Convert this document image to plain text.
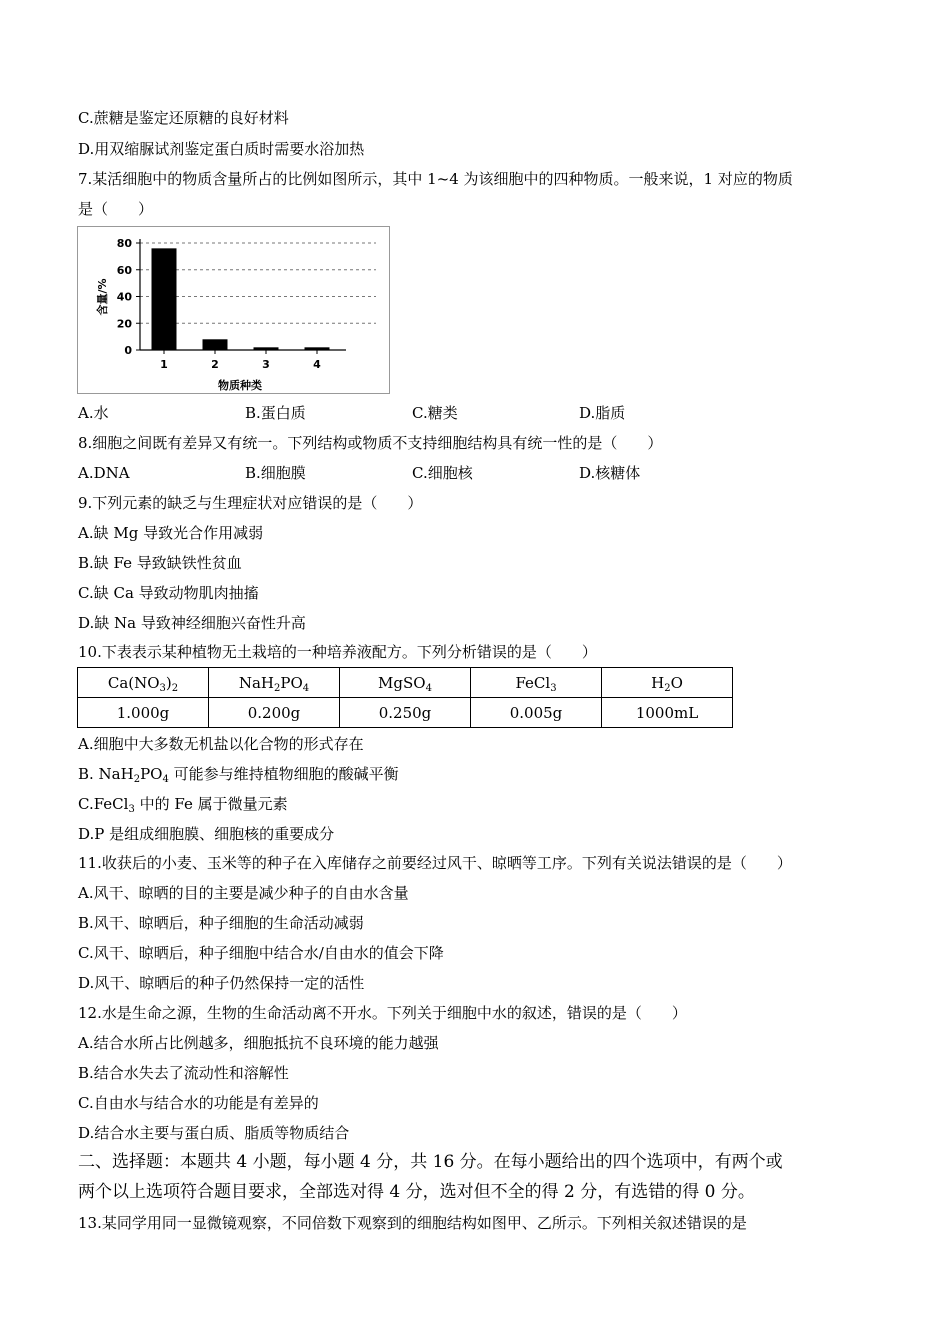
C.蔗糖是鉴定还原糖的良好材料
D.用双缩脲试剂鉴定蛋白质时需要水浴加热
7.某活细胞中的物质含量所占的比例如图所示，其中 1~4 为该细胞中的四种物质。一般来说，1 对应的物质
是（　　）
0
20
40
60
80
1	2	3	4
物质种类
含量/%
A.水	B.蛋白质	C.糖类	D.脂质
8.细胞之间既有差异又有统一。下列结构或物质不支持细胞结构具有统一性的是（　　）
A.DNA	B.细胞膜	C.细胞核	D.核糖体
9.下列元素的缺乏与生理症状对应错误的是（　　）
A.缺 Mg 导致光合作用减弱
B.缺 Fe 导致缺铁性贫血
C.缺 Ca 导致动物肌肉抽搐
D.缺 Na 导致神经细胞兴奋性升高
10.下表表示某种植物无土栽培的一种培养液配方。下列分析错误的是（　　）
$Ca(NO_3)_2$	$NaH_2PO_4$	MgSO$_4$	FeCl$_3$	$H_2O$
1.000g	0.200g	0.250g	0.005g	1000mL
A.细胞中大多数无机盐以化合物的形式存在
B. $NaH_2PO_4$ 可能参与维持植物细胞的酸碱平衡
C.FeCl$_3$ 中的 Fe 属于微量元素
D.P 是组成细胞膜、细胞核的重要成分
11.收获后的小麦、玉米等的种子在入库储存之前要经过风干、晾晒等工序。下列有关说法错误的是（　　）
A.风干、晾晒的目的主要是减少种子的自由水含量
B.风干、晾晒后，种子细胞的生命活动减弱
C.风干、晾晒后，种子细胞中结合水/自由水的值会下降
D.风干、晾晒后的种子仍然保持一定的活性
12.水是生命之源，生物的生命活动离不开水。下列关于细胞中水的叙述，错误的是（　　）
A.结合水所占比例越多，细胞抵抗不良环境的能力越强
B.结合水失去了流动性和溶解性
C.自由水与结合水的功能是有差异的
D.结合水主要与蛋白质、脂质等物质结合
二、选择题：本题共 4 小题，每小题 4 分，共 16 分。在每小题给出的四个选项中，有两个或
两个以上选项符合题目要求，全部选对得 4 分，选对但不全的得 2 分，有选错的得 0 分。
13.某同学用同一显微镜观察，不同倍数下观察到的细胞结构如图甲、乙所示。下列相关叙述错误的是
